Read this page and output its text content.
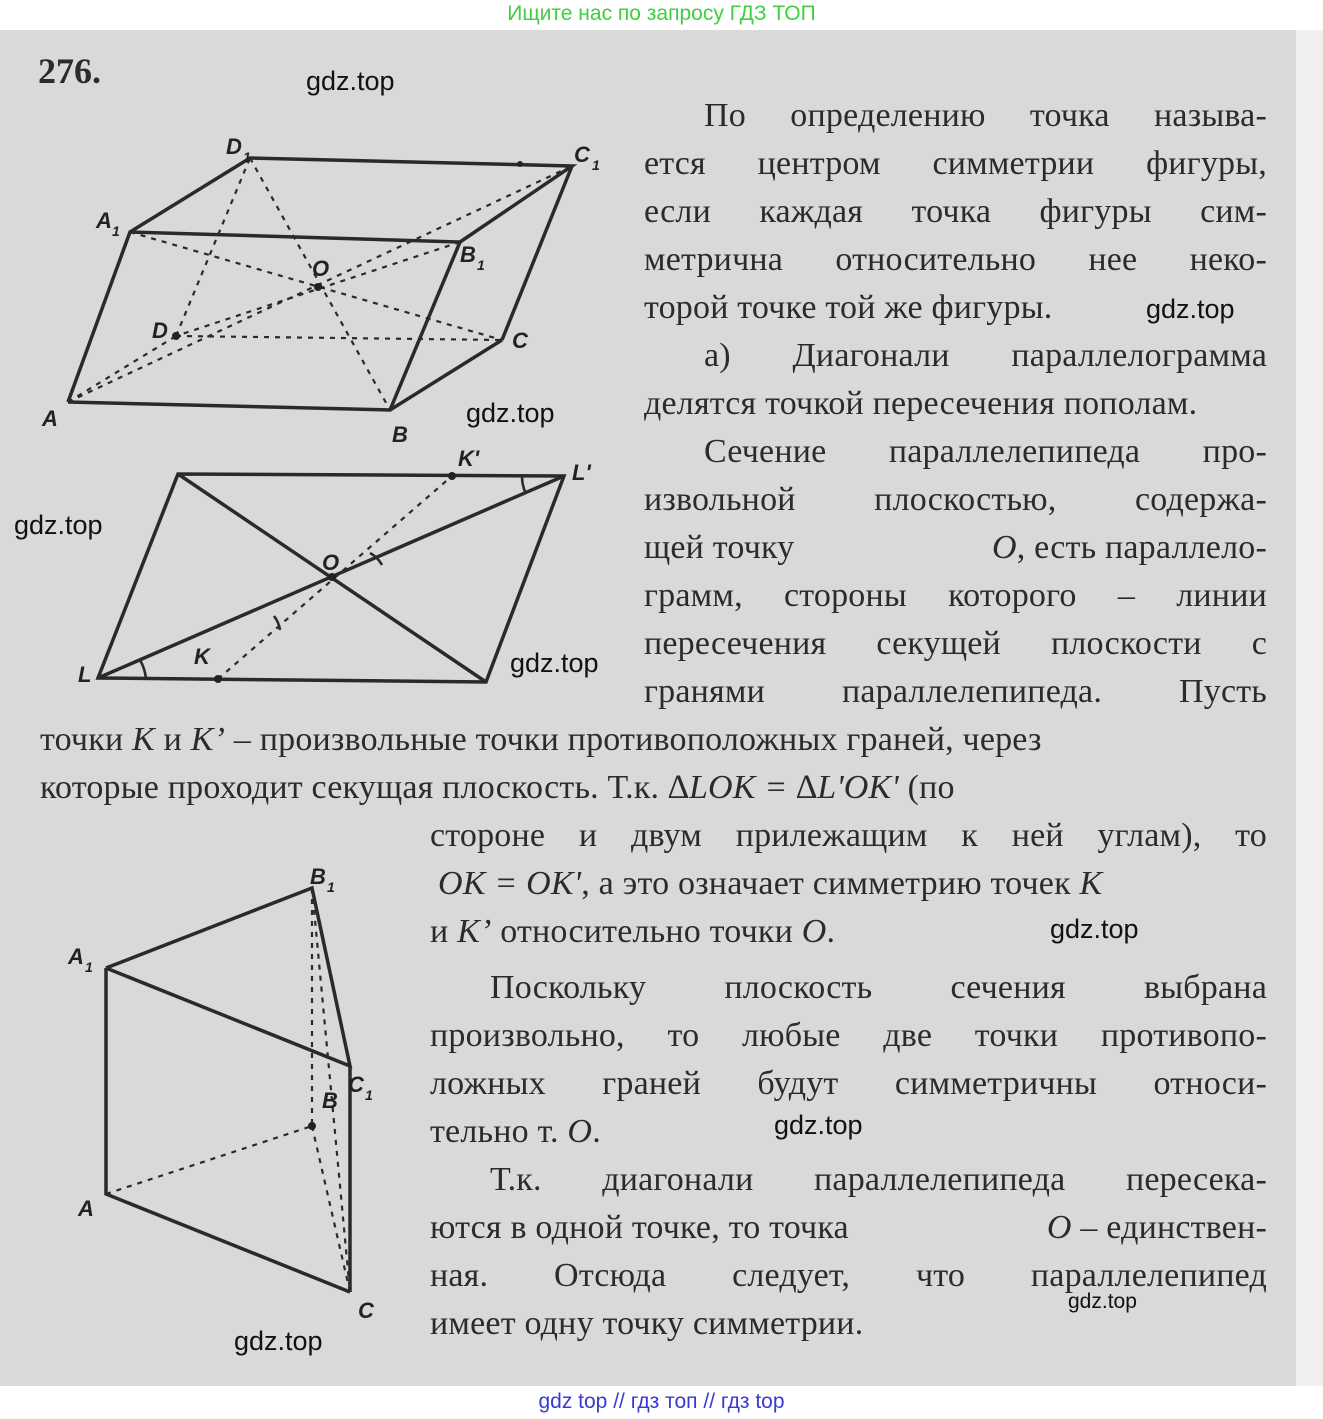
Ищите нас по запросу ГДЗ ТОП
276.
A
B
C
D
A 1
B 1
C 1
D 1
O
L
L'
K
K'
O
A
B
C
A 1
B 1
C 1
По определению точка называ-
ется центром симметрии фигуры,
если каждая точка фигуры сим-
метрична относительно нее неко-
торой точке той же фигуры.
а) Диагонали параллелограмма
делятся точкой пересечения пополам.
Сечение параллелепипеда про-
извольной плоскостью, содержа-
щей точку	O, есть параллело-
грамм, стороны которого – линии
пересечения секущей плоскости с
гранями параллелепипеда. Пусть
точки K и K’ – произвольные точки противоположных граней, через
которые проходит секущая плоскость. Т.к. ∆LOK = ∆L'OK' (по
стороне и двум прилежащим к ней углам), то
OK = OK', а это означает симметрию точек K
и K’ относительно точки O.
Поскольку плоскость сечения выбрана
произвольно, то любые две точки противопо-
ложных граней будут симметричны относи-
тельно т. O.
Т.к. диагонали параллелепипеда пересека-
ются в одной точке, то точка	O – единствен-
ная. Отсюда следует, что параллелепипед
имеет одну точку симметрии.
gdz.top
gdz.top
gdz.top
gdz.top
gdz.top
gdz.top
gdz.top
gdz.top
gdz.top
gdz top // гдз топ // гдз top
